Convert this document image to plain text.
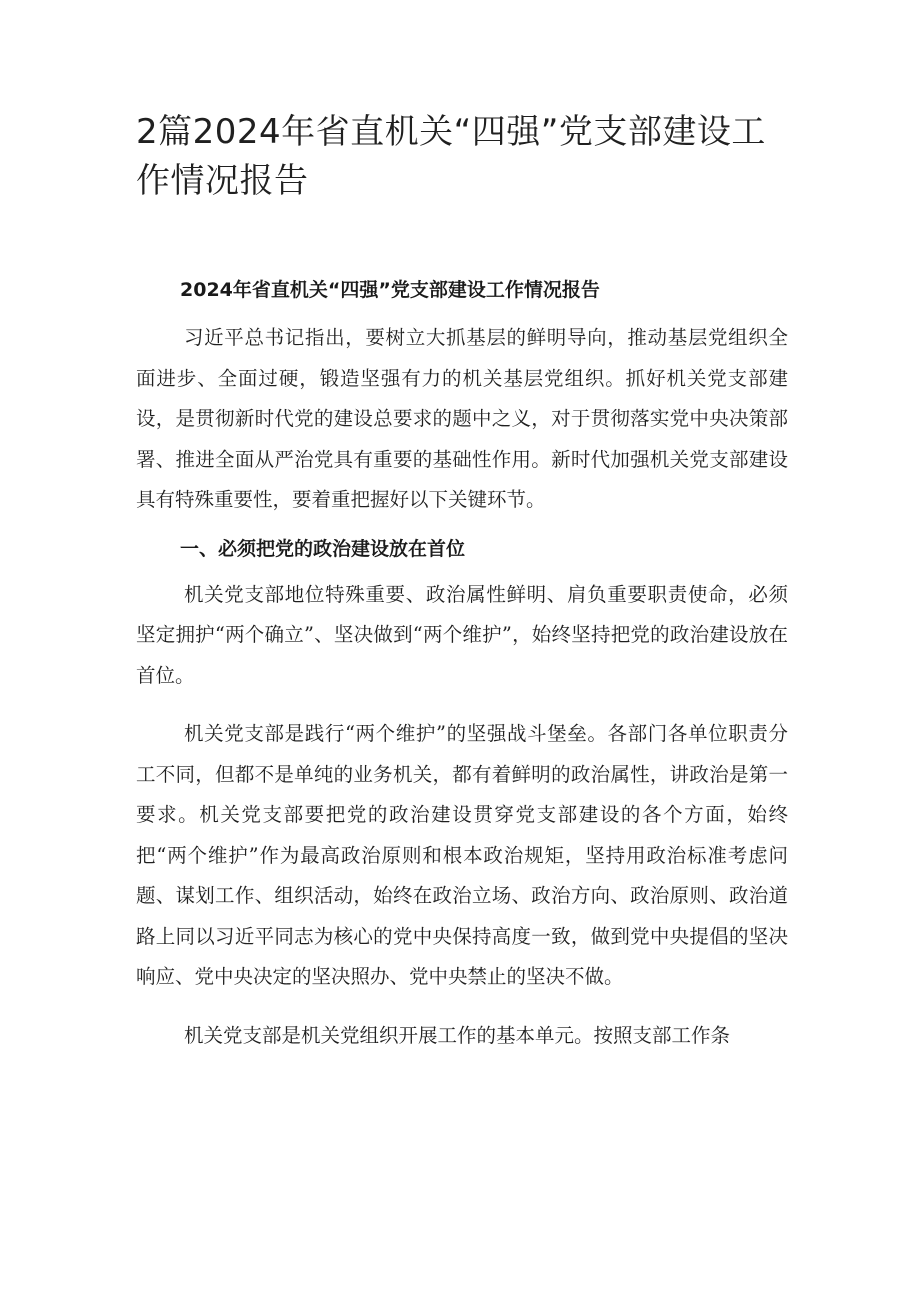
2篇2024年省直机关“四强”党支部建设工作情况报告
2024年省直机关“四强”党支部建设工作情况报告

习近平总书记指出，要树立大抓基层的鲜明导向，推动基层党组织全面进步、全面过硬，锻造坚强有力的机关基层党组织。抓好机关党支部建设，是贯彻新时代党的建设总要求的题中之义，对于贯彻落实党中央决策部署、推进全面从严治党具有重要的基础性作用。新时代加强机关党支部建设具有特殊重要性，要着重把握好以下关键环节。

一、必须把党的政治建设放在首位

机关党支部地位特殊重要、政治属性鲜明、肩负重要职责使命，必须坚定拥护“两个确立”、坚决做到“两个维护”，始终坚持把党的政治建设放在首位。

机关党支部是践行“两个维护”的坚强战斗堡垒。各部门各单位职责分工不同，但都不是单纯的业务机关，都有着鲜明的政治属性，讲政治是第一要求。机关党支部要把党的政治建设贯穿党支部建设的各个方面，始终把“两个维护”作为最高政治原则和根本政治规矩，坚持用政治标准考虑问题、谋划工作、组织活动，始终在政治立场、政治方向、政治原则、政治道路上同以习近平同志为核心的党中央保持高度一致，做到党中央提倡的坚决响应、党中央决定的坚决照办、党中央禁止的坚决不做。

机关党支部是机关党组织开展工作的基本单元。按照支部工作条
